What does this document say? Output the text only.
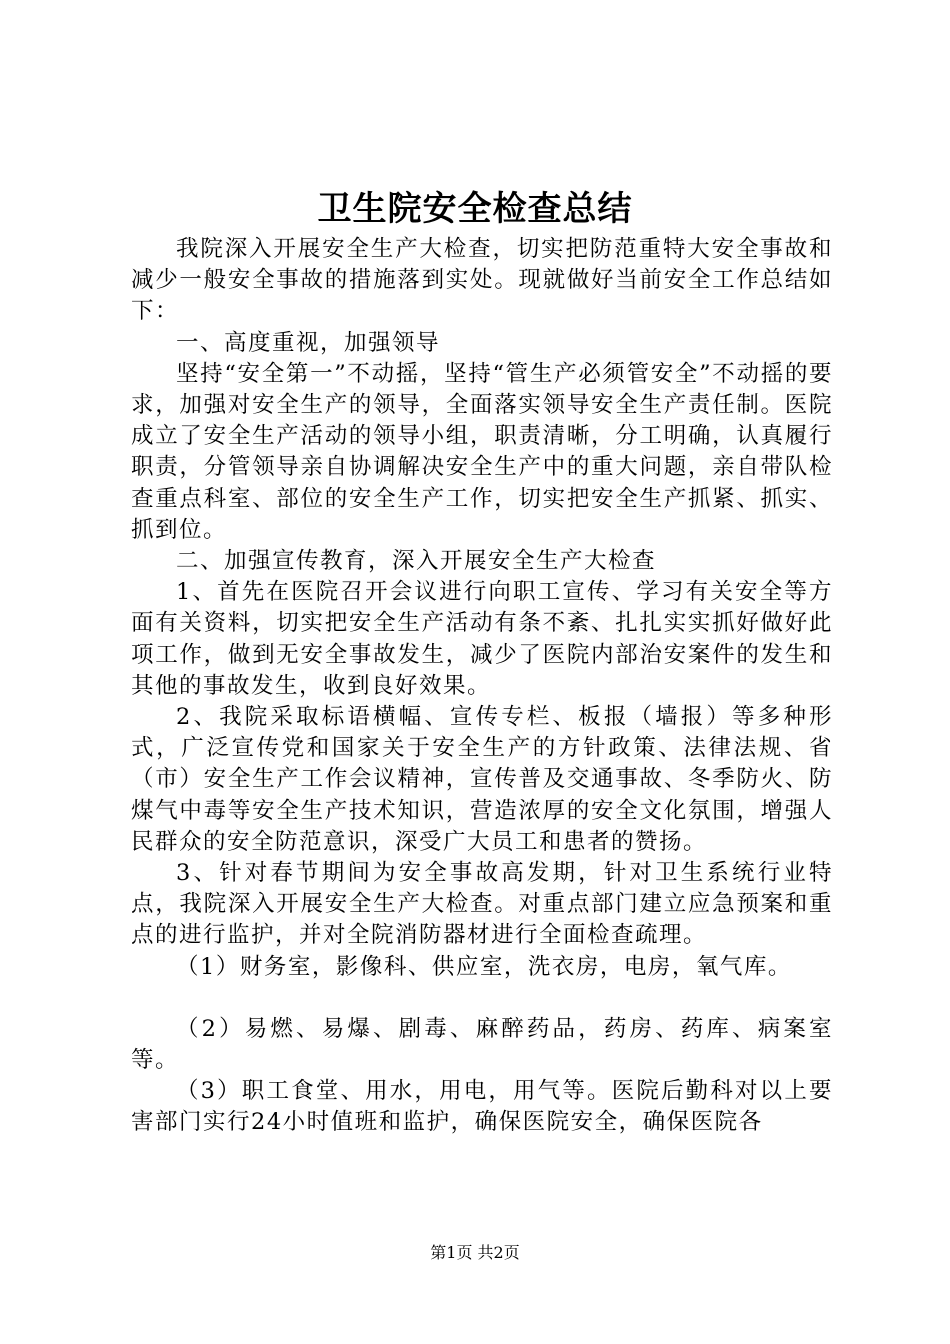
卫生院安全检查总结

我院深入开展安全生产大检查，切实把防范重特大安全事故和减少一般安全事故的措施落到实处。现就做好当前安全工作总结如下：

一、高度重视，加强领导

坚持“安全第一”不动摇，坚持“管生产必须管安全”不动摇的要求，加强对安全生产的领导，全面落实领导安全生产责任制。医院成立了安全生产活动的领导小组，职责清晰，分工明确，认真履行职责，分管领导亲自协调解决安全生产中的重大问题，亲自带队检查重点科室、部位的安全生产工作，切实把安全生产抓紧、抓实、抓到位。

二、加强宣传教育，深入开展安全生产大检查

1、首先在医院召开会议进行向职工宣传、学习有关安全等方面有关资料，切实把安全生产活动有条不紊、扎扎实实抓好做好此项工作，做到无安全事故发生，减少了医院内部治安案件的发生和其他的事故发生，收到良好效果。

2、我院采取标语横幅、宣传专栏、板报（墙报）等多种形式，广泛宣传党和国家关于安全生产的方针政策、法律法规、省（市）安全生产工作会议精神，宣传普及交通事故、冬季防火、防煤气中毒等安全生产技术知识，营造浓厚的安全文化氛围，增强人民群众的安全防范意识，深受广大员工和患者的赞扬。

3、针对春节期间为安全事故高发期，针对卫生系统行业特点，我院深入开展安全生产大检查。对重点部门建立应急预案和重点的进行监护，并对全院消防器材进行全面检查疏理。

（1）财务室，影像科、供应室，洗衣房，电房，氧气库。

（2）易燃、易爆、剧毒、麻醉药品，药房、药库、病案室等。

（3）职工食堂、用水，用电，用气等。医院后勤科对以上要害部门实行24小时值班和监护，确保医院安全，确保医院各

第1页 共2页
